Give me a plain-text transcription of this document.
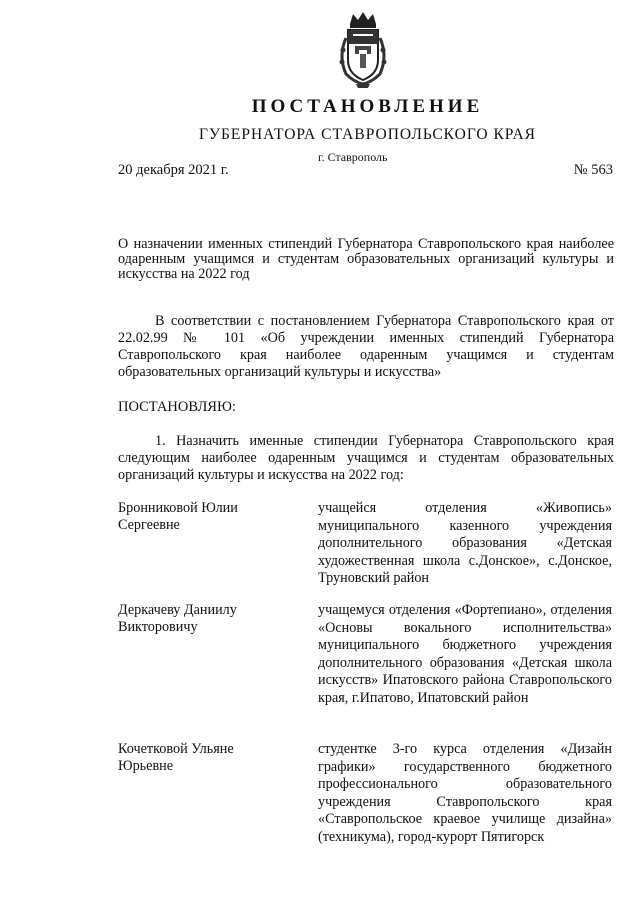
ПОСТАНОВЛЕНИЕ
ГУБЕРНАТОРА СТАВРОПОЛЬСКОГО КРАЯ
г. Ставрополь
20 декабря 2021 г.	№ 563
О назначении именных стипендий Губернатора Ставропольского края наиболее одаренным учащимся и студентам образовательных организаций культуры и искусства на 2022 год
В соответствии с постановлением Губернатора Ставропольского края от 22.02.99 № 101 «Об учреждении именных стипендий Губернатора Ставропольского края наиболее одаренным учащимся и студентам образовательных организаций культуры и искусства»
ПОСТАНОВЛЯЮ:
1. Назначить именные стипендии Губернатора Ставропольского края следующим наиболее одаренным учащимся и студентам образовательных организаций культуры и искусства на 2022 год:
Бронниковой Юлии
Сергеевне
учащейся отделения «Живопись» муниципального казенного учреждения дополнительного образования «Детская художественная школа с.Донское», с.Донское, Труновский район
Деркачеву Даниилу
Викторовичу
учащемуся отделения «Фортепиано», отделения «Основы вокального исполнительства» муниципального бюджетного учреждения дополнительного образования «Детская школа искусств» Ипатовского района Ставропольского края, г.Ипатово, Ипатовский район
Кочетковой Ульяне
Юрьевне
студентке 3-го курса отделения «Дизайн графики» государственного бюджетного профессионального образовательного учреждения Ставропольского края «Ставропольское краевое училище дизайна» (техникума), город-курорт Пятигорск
